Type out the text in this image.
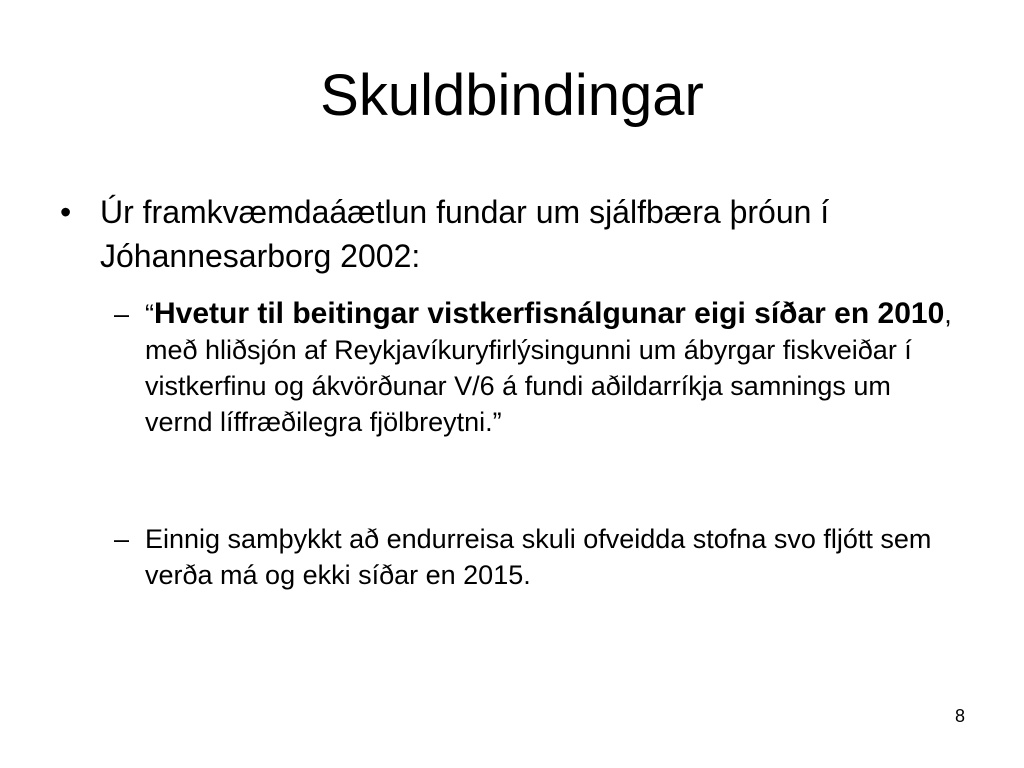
Skuldbindingar
• Úr framkvæmdaáætlun fundar um sjálfbæra þróun í Jóhannesarborg 2002:
– “Hvetur til beitingar vistkerfisnálgunar eigi síðar en 2010, með hliðsjón af Reykjavíkuryfirlýsingunni um ábyrgar fiskveiðar í vistkerfinu og ákvörðunar V/6 á fundi aðildarríkja samnings um vernd líffræðilegra fjölbreytni.”
– Einnig samþykkt að endurreisa skuli ofveidda stofna svo fljótt sem verða má og ekki síðar en 2015.
8
